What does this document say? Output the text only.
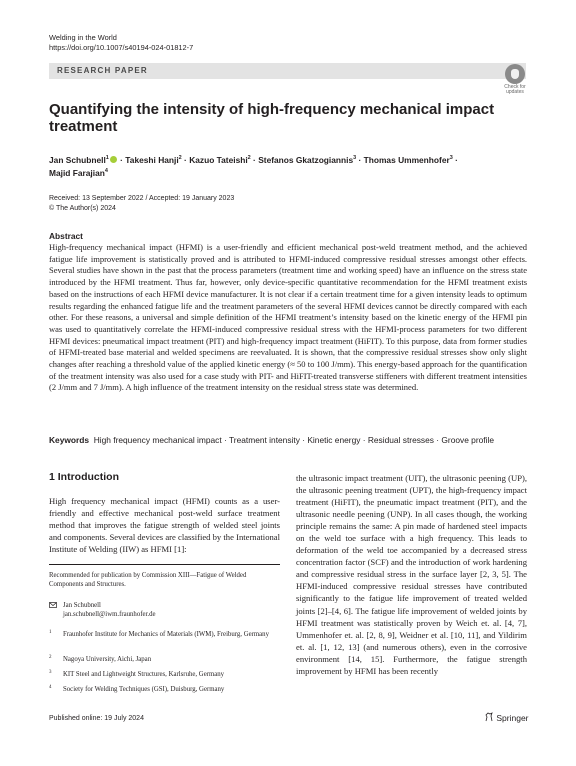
Welding in the World
https://doi.org/10.1007/s40194-024-01812-7
RESEARCH PAPER
Check for
updates
Quantifying the intensity of high-frequency mechanical impact treatment
Jan Schubnell$^1$ · Takeshi Hanji$^2$ · Kazuo Tateishi$^2$ · Stefanos Gkatzogiannis$^3$ · Thomas Ummenhofer$^3$ ·
Majid Farajian$^4$
Received: 13 September 2022 / Accepted: 19 January 2023
© The Author(s) 2024
Abstract
High-frequency mechanical impact (HFMI) is a user-friendly and efficient mechanical post-weld treatment method, and the achieved fatigue life improvement is statistically proved and is attributed to HFMI-induced compressive residual stresses amongst other effects. Several studies have shown in the past that the process parameters (treatment time and working speed) have an influence on the stress state introduced by the HFMI treatment. Thus far, however, only device-specific quantitative recommendation for the HFMI treatment exists based on the instructions of each HFMI device manufacturer. It is not clear if a certain treatment time for a given intensity leads to optimum results regarding the enhanced fatigue life and the treatment parameters of the several HFMI devices cannot be directly compared with each other. For these reasons, a universal and simple definition of the HFMI treatment’s intensity based on the kinetic energy of the HFMI pin was used to quantitatively correlate the HFMI-induced compressive residual stress with the HFMI-process parameters for two different HFMI devices: pneumatical impact treatment (PIT) and high-frequency impact treatment (HiFIT). To this purpose, data from former studies of HFMI-treated base material and welded specimens are reevaluated. It is shown, that the compressive residual stresses show only slight changes after reaching a threshold value of the applied kinetic energy (≈ 50 to 100 J/mm). This energy-based approach for the quantification of the treatment intensity was also used for a case study with PIT- and HiFIT-treated transverse stiffeners with different treatment intensities (2 J/mm and 7 J/mm). A high influence of the treatment intensity on the residual stress state was determined.
Keywords High frequency mechanical impact · Treatment intensity · Kinetic energy · Residual stresses · Groove profile
1 Introduction
High frequency mechanical impact (HFMI) counts as a user-friendly and effective mechanical post-weld surface treatment method that improves the fatigue strength of welded steel joints and components. Several devices are classified by the International Institute of Welding (IIW) as HFMI [1]:
the ultrasonic impact treatment (UIT), the ultrasonic peening (UP), the ultrasonic peening treatment (UPT), the high-frequency impact treatment (HiFIT), the pneumatic impact treatment (PIT), and the ultrasonic needle peening (UNP). In all cases though, the working principle remains the same: A pin made of hardened steel impacts on the weld toe surface with a high frequency. This leads to deformation of the weld toe accompanied by a decreased stress concentration factor (SCF) and the introduction of work hardening and compressive residual stress in the surface layer [2, 3, 5]. The HFMI-induced compressive residual stresses have contributed significantly to the fatigue life improvement of treated welded joints [2]–[4, 6]. The fatigue life improvement of welded joints by HFMI treatment was statistically proven by Weich et. al. [4, 7], Ummenhofer et. al. [2, 8, 9], Weidner et al. [10, 11], and Yildirim et. al. [1, 12, 13] (and numerous others), even in the corrosive environment [14, 15]. Furthermore, the fatigue strength improvement by HFMI has been recently
Recommended for publication by Commission XIII—Fatigue of Welded Components and Structures.
Jan Schubnell
jan.schubnell@iwm.fraunhofer.de
1 Fraunhofer Institute for Mechanics of Materials (IWM), Freiburg, Germany
2 Nagoya University, Aichi, Japan
3 KIT Steel and Lightweight Structures, Karlsruhe, Germany
4 Society for Welding Techniques (GSI), Duisburg, Germany
Published online: 19 July 2024	Springer
